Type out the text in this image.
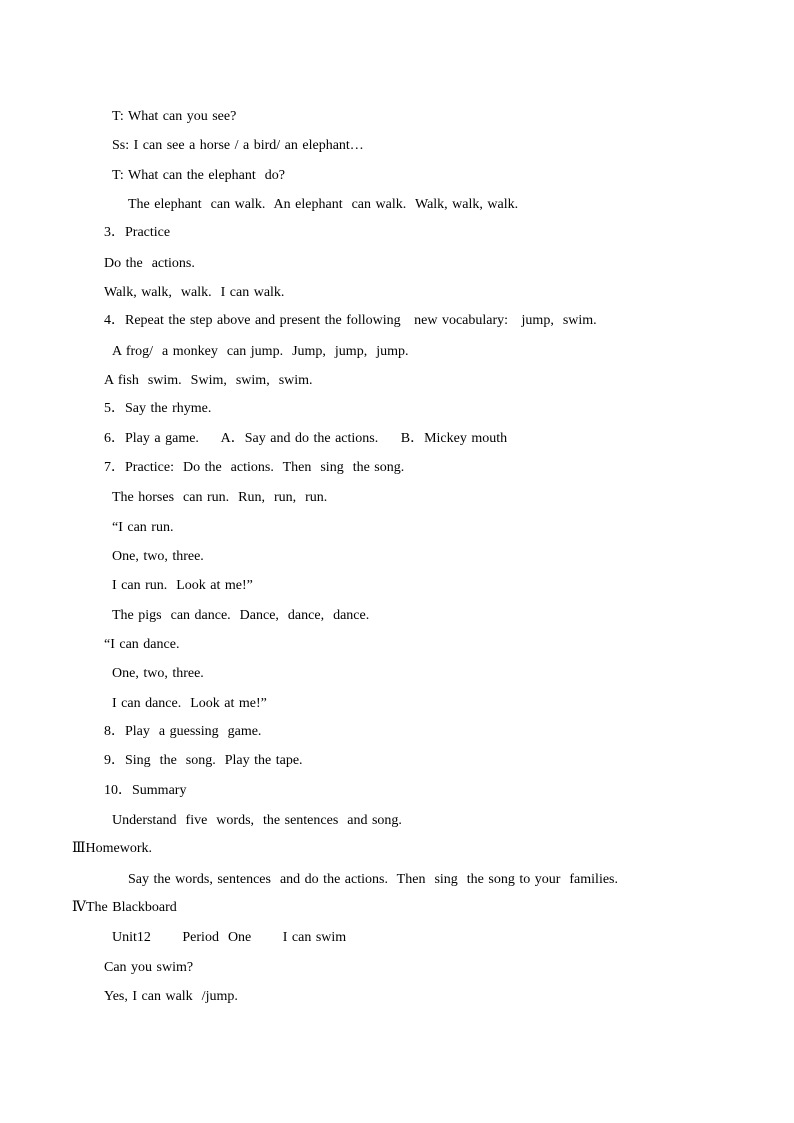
T: What can you see?
Ss: I can see a horse / a bird/ an elephant…
T: What can the elephant  do?
The elephant  can walk.  An elephant  can walk.  Walk, walk, walk.
3．Practice
Do the  actions.
Walk, walk,  walk.  I can walk.
4．Repeat the step above and present the following   new vocabulary:   jump,  swim.
A frog/  a monkey  can jump.  Jump,  jump,  jump.
A fish  swim.  Swim,  swim,  swim.
5．Say the rhyme.
6．Play a game.     A．Say and do the actions.     B．Mickey mouth
7．Practice:  Do the  actions.  Then  sing  the song.
The horses  can run.  Run,  run,  run.
“I can run.
One, two, three.
I can run.  Look at me!”
The pigs  can dance.  Dance,  dance,  dance.
“I can dance.
One, two, three.
I can dance.  Look at me!”
8．Play  a guessing  game.
9．Sing  the  song.  Play the tape.
10．Summary
Understand  five  words,  the sentences  and song.
ⅢHomework.
Say the words, sentences  and do the actions.  Then  sing  the song to your  families.
ⅣThe Blackboard
Unit12       Period  One       I can swim
Can you swim?
Yes, I can walk  /jump.
